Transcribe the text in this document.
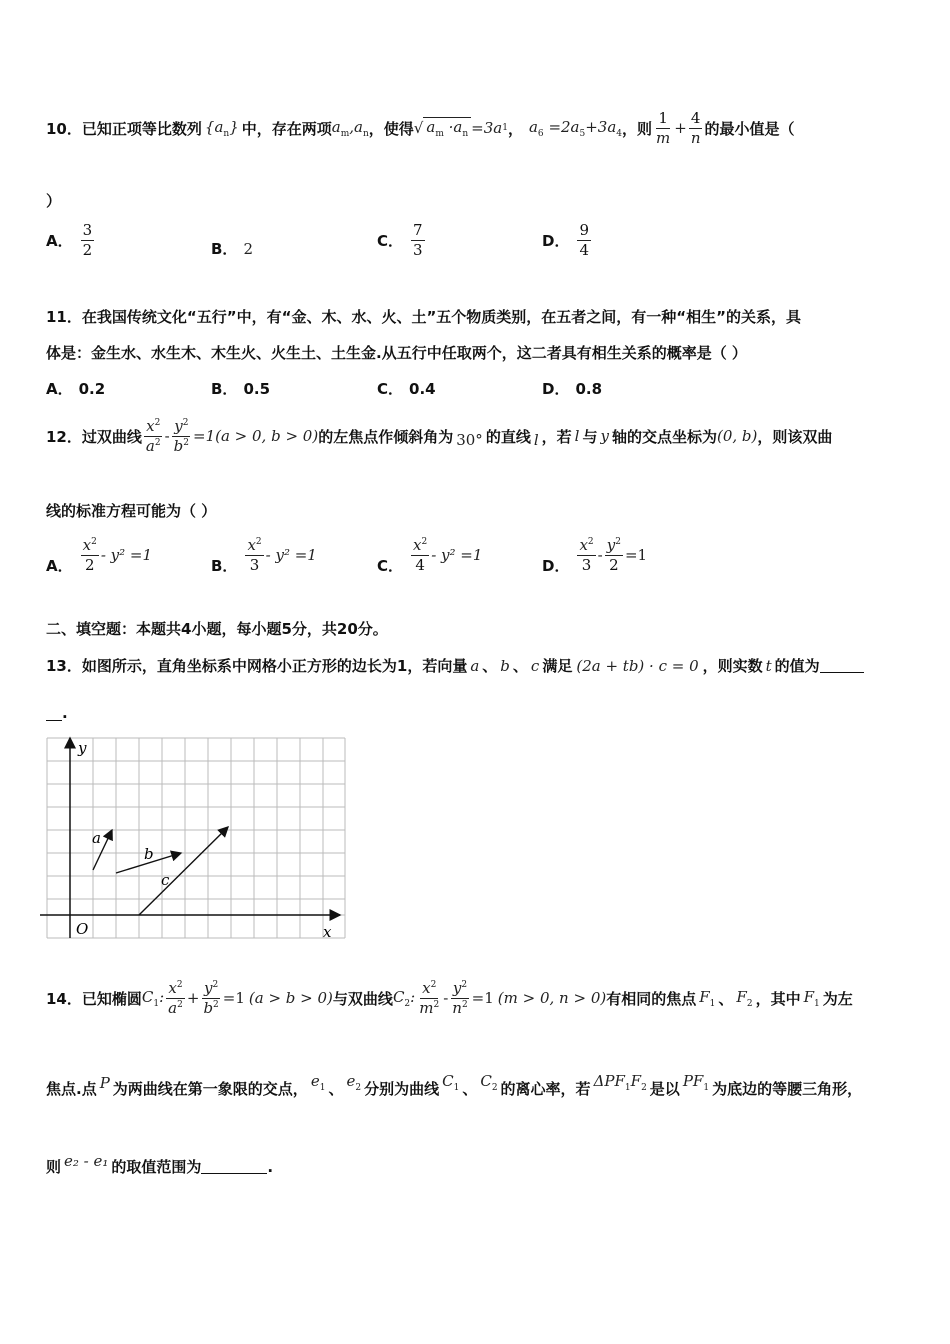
10． 已知正项等比数列 $\{a_n\}$ 中，存在两项 $a_m,a_n$ ，使得 √ $a_m \cdot a_n =3a$ 1 ， $a_6 =2a_5+3a_4$ ，则 $\frac{1}{m} + \frac{4}{n}$ 的最小值是（
）
A． $\frac{3}{2}$	B． 2	C． $\frac{7}{3}$	D． $\frac{9}{4}$
11．在我国传统文化“五行”中，有“金、木、水、火、土”五个物质类别，在五者之间，有一种“相生”的关系，具
体是：金生水、水生木、木生火、火生土、土生金.从五行中任取两个，这二者具有相生关系的概率是（ ）
A． 0.2	B． 0.5	C． 0.4	D． 0.8
12． 过双曲线 $\frac{x^2}{a^2} - \frac{y^2}{b^2} =1(a > 0$, b > 0) 的左焦点作倾斜角为 30° 的直线 l ，若 l 与 y 轴的交点坐标为 (0, b) ，则该双曲
线的标准方程可能为（ ）
A． $\frac{x^2}{2} - y^2 =1$
B． $\frac{x^2}{3} - y^2 =1$
C． $\frac{x^2}{4} - y^2 =1$
D． $\frac{x^2}{3} - \frac{y^2}{2} =1$
二、填空题：本题共4小题，每小题5分，共20分。
13． 如图所示，直角坐标系中网格小正方形的边长为1，若向量 a 、 b 、 c 满足 (2a + tb) · c = 0 ，则实数 t 的值为
.
y
x
O
a
b
c
14． 已知椭圆 $C_1$: $\frac{x^2}{a^2} + \frac{y^2}{b^2} =1$ (a > b > 0) 与双曲线 $C_2$: $\frac{x^2}{m^2} - \frac{y^2}{n^2} =1$ (m > 0, n > 0) 有相同的焦点 $F_1$ 、 $F_2$ ，其中 $F_1$ 为左
焦点.点 P 为两曲线在第一象限的交点， $e_1$ 、 $e_2$ 分别为曲线 $C_1$ 、 $C_2$ 的离心率，若 $\Delta PF_1F_2$ 是以 $PF_1$ 为底边的等腰三角形，
则 e₂ - e₁ 的取值范围为	.
